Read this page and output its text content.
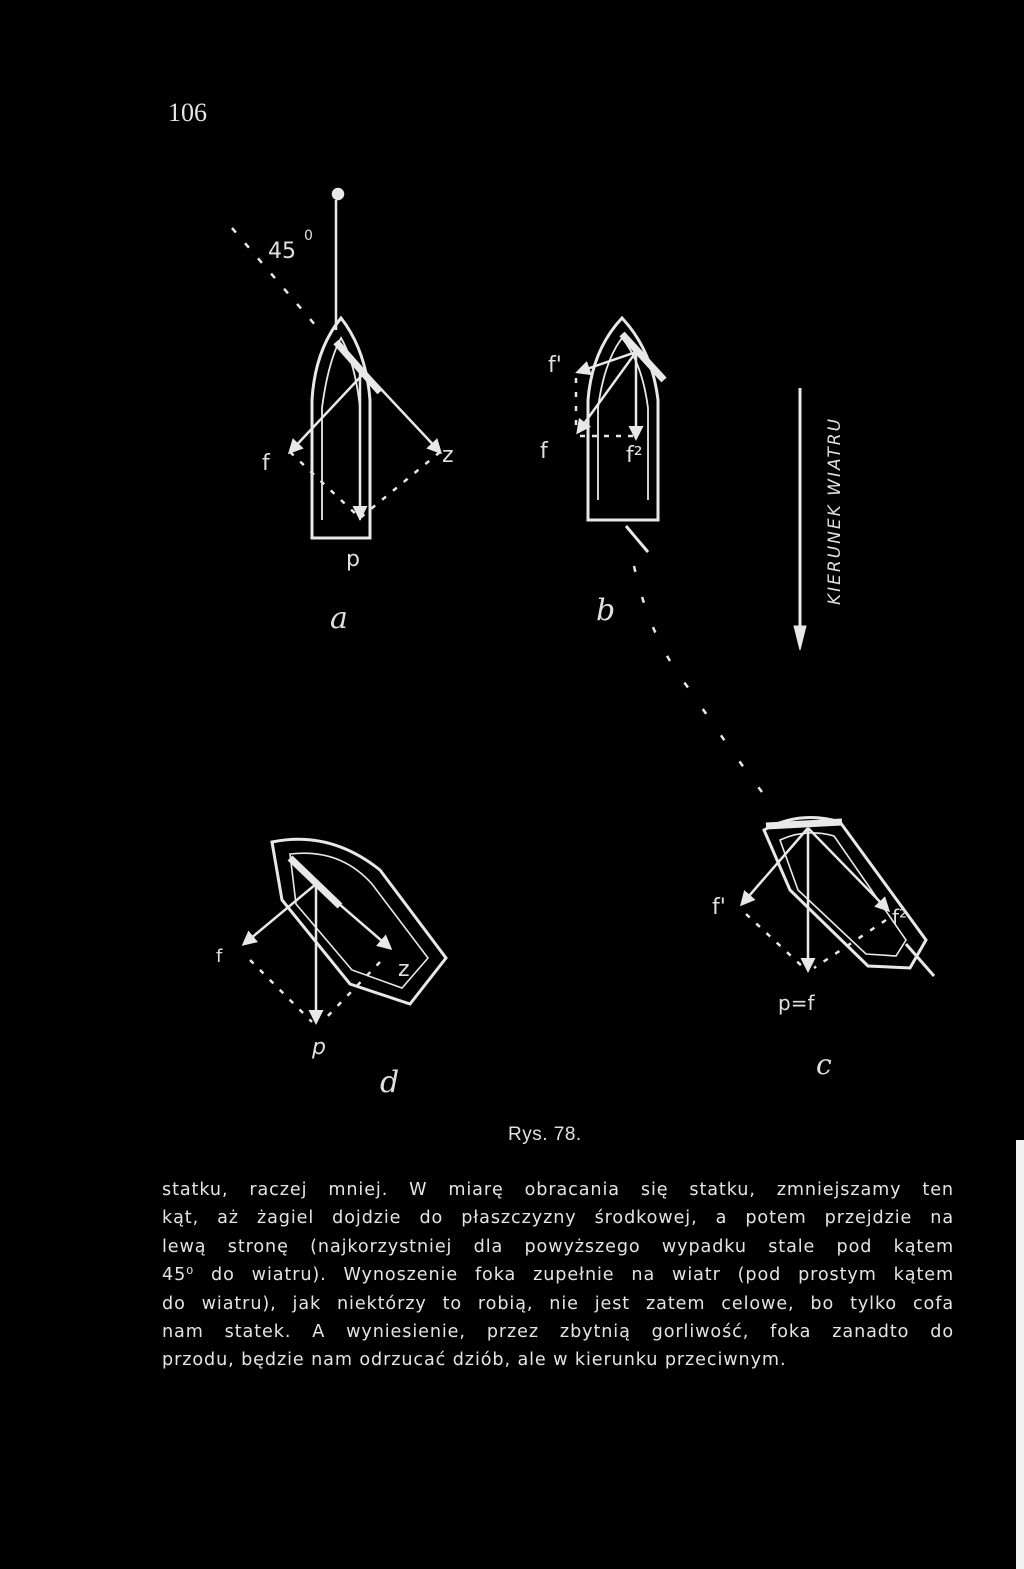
106
45
0
f	z
p
a
f'
f	f²
b
KIERUNEK WIATRU
f
z
p
d
f'	f²
p=f
c
Rys. 78.

statku, raczej mniej. W miarę obracania się statku, zmniejszamy ten
kąt, aż żagiel dojdzie do płaszczyzny środkowej, a potem przejdzie na
lewą stronę (najkorzystniej dla powyższego wypadku stale pod kątem
45⁰ do wiatru). Wynoszenie foka zupełnie na wiatr (pod prostym kątem
do wiatru), jak niektórzy to robią, nie jest zatem celowe, bo tylko cofa
nam statek. A wyniesienie, przez zbytnią gorliwość, foka zanadto do
przodu, będzie nam odrzucać dziób, ale w kierunku przeciwnym.
